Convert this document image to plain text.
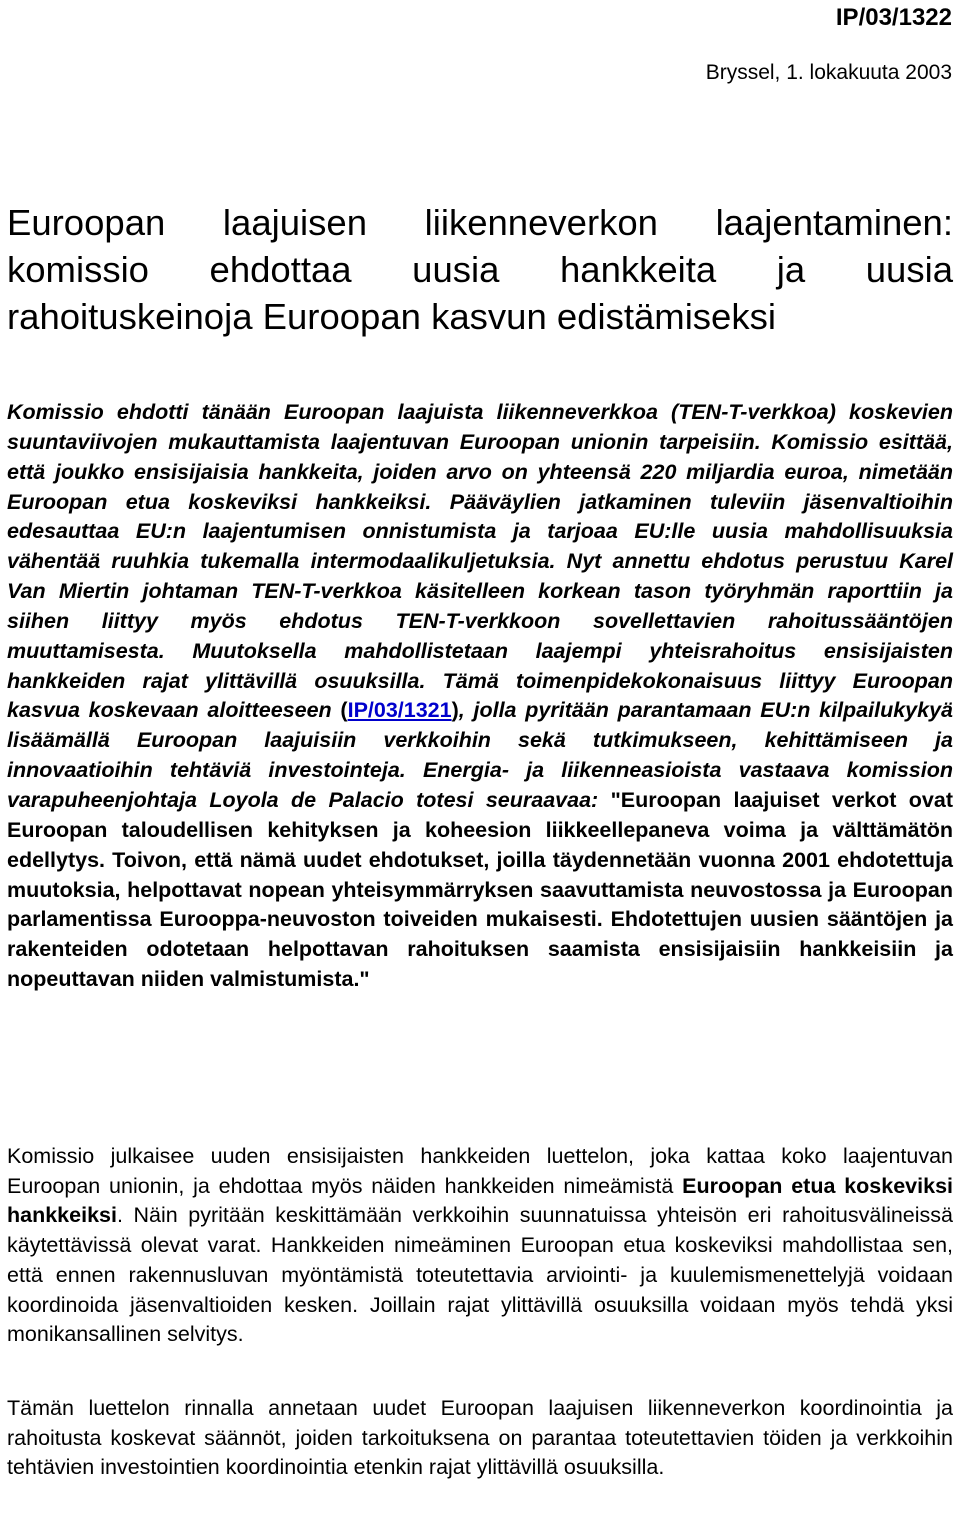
IP/03/1322

Bryssel, 1. lokakuuta 2003

Euroopan laajuisen liikenneverkon laajentaminen: komissio ehdottaa uusia hankkeita ja uusia rahoituskeinoja Euroopan kasvun edistämiseksi

Komissio ehdotti tänään Euroopan laajuista liikenneverkkoa (TEN-T-verkkoa) koskevien suuntaviivojen mukauttamista laajentuvan Euroopan unionin tarpeisiin. Komissio esittää, että joukko ensisijaisia hankkeita, joiden arvo on yhteensä 220 miljardia euroa, nimetään Euroopan etua koskeviksi hankkeiksi. Pääväylien jatkaminen tuleviin jäsenvaltioihin edesauttaa EU:n laajentumisen onnistumista ja tarjoaa EU:lle uusia mahdollisuuksia vähentää ruuhkia tukemalla intermodaalikuljetuksia. Nyt annettu ehdotus perustuu Karel Van Miertin johtaman TEN-T-verkkoa käsitelleen korkean tason työryhmän raporttiin ja siihen liittyy myös ehdotus TEN-T-verkkoon sovellettavien rahoitussääntöjen muuttamisesta. Muutoksella mahdollistetaan laajempi yhteisrahoitus ensisijaisten hankkeiden rajat ylittävillä osuuksilla. Tämä toimenpidekokonaisuus liittyy Euroopan kasvua koskevaan aloitteeseen (IP/03/1321), jolla pyritään parantamaan EU:n kilpailukykyä lisäämällä Euroopan laajuisiin verkkoihin sekä tutkimukseen, kehittämiseen ja innovaatioihin tehtäviä investointeja. Energia- ja liikenneasioista vastaava komission varapuheenjohtaja Loyola de Palacio totesi seuraavaa: "Euroopan laajuiset verkot ovat Euroopan taloudellisen kehityksen ja koheesion liikkeellepaneva voima ja välttämätön edellytys. Toivon, että nämä uudet ehdotukset, joilla täydennetään vuonna 2001 ehdotettuja muutoksia, helpottavat nopean yhteisymmärryksen saavuttamista neuvostossa ja Euroopan parlamentissa Eurooppa-neuvoston toiveiden mukaisesti. Ehdotettujen uusien sääntöjen ja rakenteiden odotetaan helpottavan rahoituksen saamista ensisijaisiin hankkeisiin ja nopeuttavan niiden valmistumista."

Komissio julkaisee uuden ensisijaisten hankkeiden luettelon, joka kattaa koko laajentuvan Euroopan unionin, ja ehdottaa myös näiden hankkeiden nimeämistä Euroopan etua koskeviksi hankkeiksi. Näin pyritään keskittämään verkkoihin suunnatuissa yhteisön eri rahoitusvälineissä käytettävissä olevat varat. Hankkeiden nimeäminen Euroopan etua koskeviksi mahdollistaa sen, että ennen rakennusluvan myöntämistä toteutettavia arviointi- ja kuulemismenettelyjä voidaan koordinoida jäsenvaltioiden kesken. Joillain rajat ylittävillä osuuksilla voidaan myös tehdä yksi monikansallinen selvitys.

Tämän luettelon rinnalla annetaan uudet Euroopan laajuisen liikenneverkon koordinointia ja rahoitusta koskevat säännöt, joiden tarkoituksena on parantaa toteutettavien töiden ja verkkoihin tehtävien investointien koordinointia etenkin rajat ylittävillä osuuksilla.
